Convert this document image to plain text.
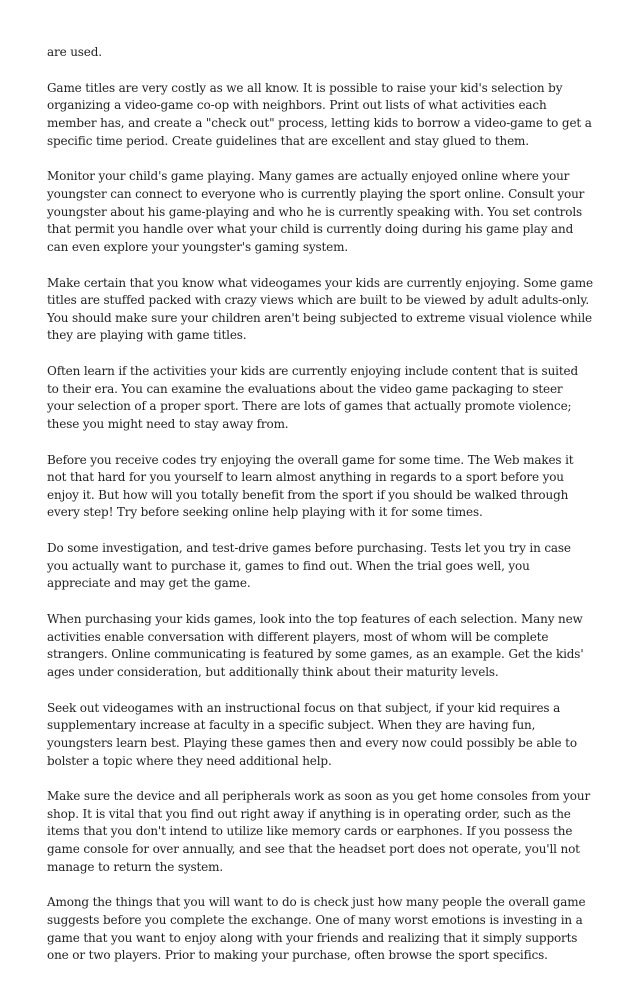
are used.

Game titles are very costly as we all know. It is possible to raise your kid's selection by organizing a video-game co-op with neighbors. Print out lists of what activities each member has, and create a "check out" process, letting kids to borrow a video-game to get a specific time period. Create guidelines that are excellent and stay glued to them.

Monitor your child's game playing. Many games are actually enjoyed online where your youngster can connect to everyone who is currently playing the sport online. Consult your youngster about his game-playing and who he is currently speaking with. You set controls that permit you handle over what your child is currently doing during his game play and can even explore your youngster's gaming system.

Make certain that you know what videogames your kids are currently enjoying. Some game titles are stuffed packed with crazy views which are built to be viewed by adult adults-only. You should make sure your children aren't being subjected to extreme visual violence while they are playing with game titles.

Often learn if the activities your kids are currently enjoying include content that is suited to their era. You can examine the evaluations about the video game packaging to steer your selection of a proper sport. There are lots of games that actually promote violence; these you might need to stay away from.

Before you receive codes try enjoying the overall game for some time. The Web makes it not that hard for you yourself to learn almost anything in regards to a sport before you enjoy it. But how will you totally benefit from the sport if you should be walked through every step! Try before seeking online help playing with it for some times.

Do some investigation, and test-drive games before purchasing. Tests let you try in case you actually want to purchase it, games to find out. When the trial goes well, you appreciate and may get the game.

When purchasing your kids games, look into the top features of each selection. Many new activities enable conversation with different players, most of whom will be complete strangers. Online communicating is featured by some games, as an example. Get the kids' ages under consideration, but additionally think about their maturity levels.

Seek out videogames with an instructional focus on that subject, if your kid requires a supplementary increase at faculty in a specific subject. When they are having fun, youngsters learn best. Playing these games then and every now could possibly be able to bolster a topic where they need additional help.

Make sure the device and all peripherals work as soon as you get home consoles from your shop. It is vital that you find out right away if anything is in operating order, such as the items that you don't intend to utilize like memory cards or earphones. If you possess the game console for over annually, and see that the headset port does not operate, you'll not manage to return the system.

Among the things that you will want to do is check just how many people the overall game suggests before you complete the exchange. One of many worst emotions is investing in a game that you want to enjoy along with your friends and realizing that it simply supports one or two players. Prior to making your purchase, often browse the sport specifics.
